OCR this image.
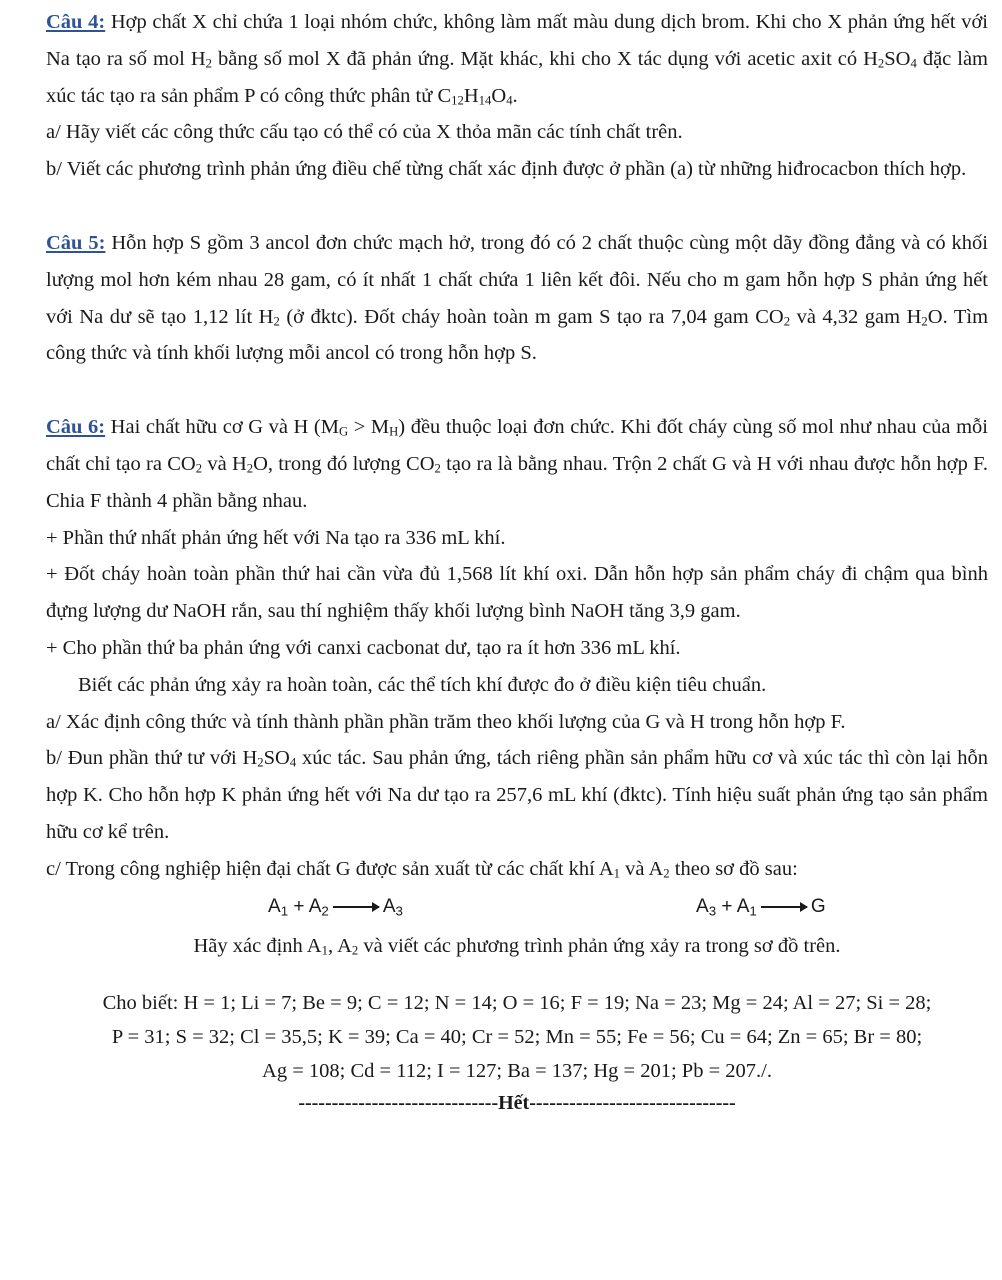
Câu 4: Hợp chất X chỉ chứa 1 loại nhóm chức, không làm mất màu dung dịch brom. Khi cho X phản ứng hết với Na tạo ra số mol H2 bằng số mol X đã phản ứng. Mặt khác, khi cho X tác dụng với acetic axit có H2SO4 đặc làm xúc tác tạo ra sản phẩm P có công thức phân tử C12H14O4.

a/ Hãy viết các công thức cấu tạo có thể có của X thỏa mãn các tính chất trên.

b/ Viết các phương trình phản ứng điều chế từng chất xác định được ở phần (a) từ những hiđrocacbon thích hợp.

Câu 5: Hỗn hợp S gồm 3 ancol đơn chức mạch hở, trong đó có 2 chất thuộc cùng một dãy đồng đẳng và có khối lượng mol hơn kém nhau 28 gam, có ít nhất 1 chất chứa 1 liên kết đôi. Nếu cho m gam hỗn hợp S phản ứng hết với Na dư sẽ tạo 1,12 lít H2 (ở đktc). Đốt cháy hoàn toàn m gam S tạo ra 7,04 gam CO2 và 4,32 gam H2O. Tìm công thức và tính khối lượng mỗi ancol có trong hỗn hợp S.

Câu 6: Hai chất hữu cơ G và H (MG > MH) đều thuộc loại đơn chức. Khi đốt cháy cùng số mol như nhau của mỗi chất chỉ tạo ra CO2 và H2O, trong đó lượng CO2 tạo ra là bằng nhau. Trộn 2 chất G và H với nhau được hỗn hợp F. Chia F thành 4 phần bằng nhau.

+ Phần thứ nhất phản ứng hết với Na tạo ra 336 mL khí.

+ Đốt cháy hoàn toàn phần thứ hai cần vừa đủ 1,568 lít khí oxi. Dẫn hỗn hợp sản phẩm cháy đi chậm qua bình đựng lượng dư NaOH rắn, sau thí nghiệm thấy khối lượng bình NaOH tăng 3,9 gam.

+ Cho phần thứ ba phản ứng với canxi cacbonat dư, tạo ra ít hơn 336 mL khí.

Biết các phản ứng xảy ra hoàn toàn, các thể tích khí được đo ở điều kiện tiêu chuẩn.

a/ Xác định công thức và tính thành phần phần trăm theo khối lượng của G và H trong hỗn hợp F.

b/ Đun phần thứ tư với H2SO4 xúc tác. Sau phản ứng, tách riêng phần sản phẩm hữu cơ và xúc tác thì còn lại hỗn hợp K. Cho hỗn hợp K phản ứng hết với Na dư tạo ra 257,6 mL khí (đktc). Tính hiệu suất phản ứng tạo sản phẩm hữu cơ kể trên.

c/ Trong công nghiệp hiện đại chất G được sản xuất từ các chất khí A1 và A2 theo sơ đồ sau:

A1 + A2 → A3	A3 + A1 → G

Hãy xác định A1, A2 và viết các phương trình phản ứng xảy ra trong sơ đồ trên.

Cho biết: H = 1; Li = 7; Be = 9; C = 12; N = 14; O = 16; F = 19; Na = 23; Mg = 24; Al = 27; Si = 28;
P = 31; S = 32; Cl = 35,5; K = 39; Ca = 40; Cr = 52; Mn = 55; Fe = 56; Cu = 64; Zn = 65; Br = 80;
Ag = 108; Cd = 112; I = 127; Ba = 137; Hg = 201; Pb = 207./.
------------------------------Hết-------------------------------
